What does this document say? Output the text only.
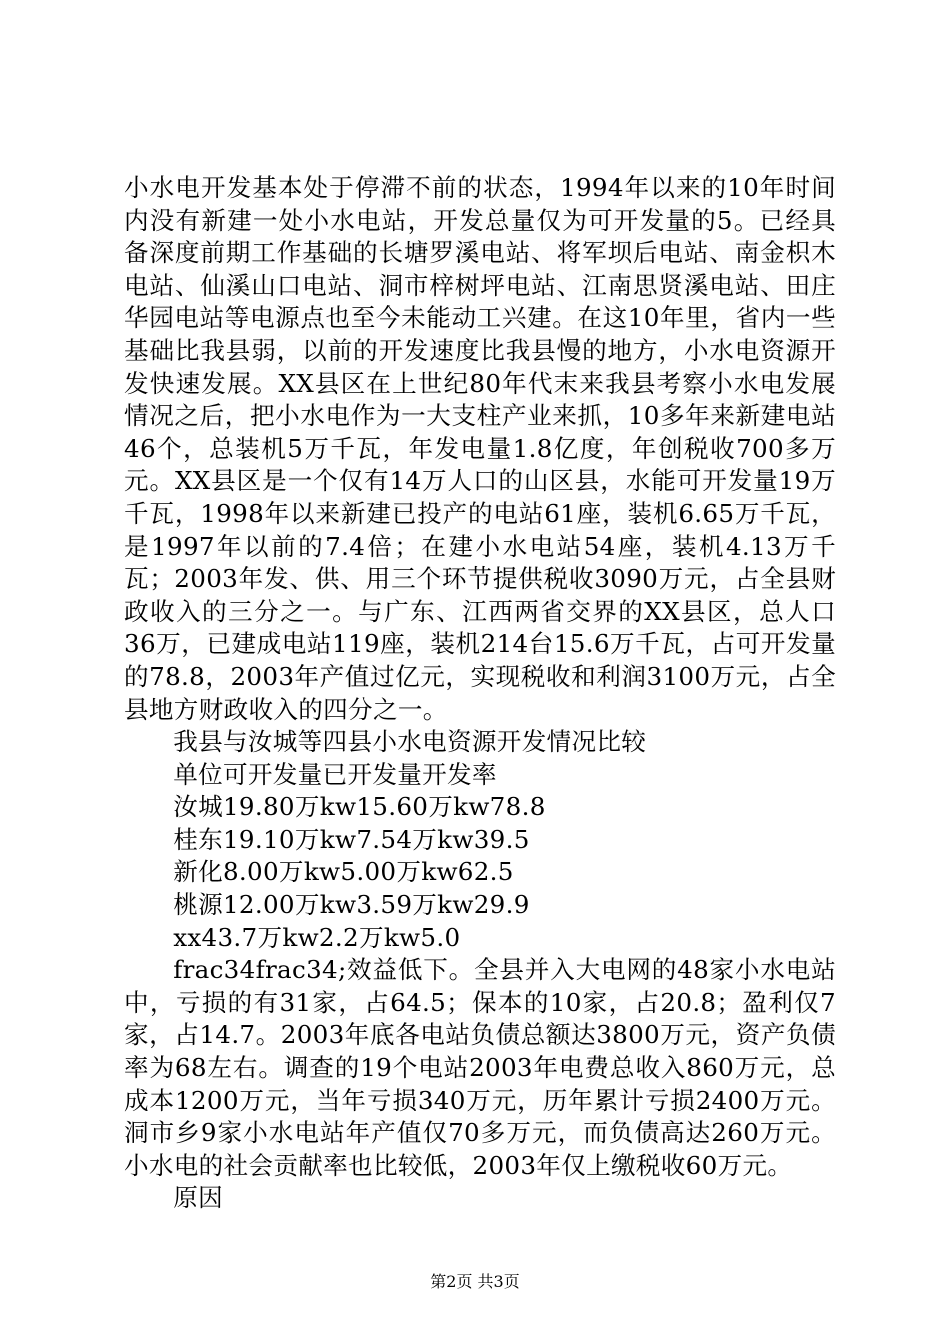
小水电开发基本处于停滞不前的状态，1994年以来的10年时间内没有新建一处小水电站，开发总量仅为可开发量的5。已经具备深度前期工作基础的长塘罗溪电站、将军坝后电站、南金枳木电站、仙溪山口电站、洞市梓树坪电站、江南思贤溪电站、田庄华园电站等电源点也至今未能动工兴建。在这10年里，省内一些基础比我县弱，以前的开发速度比我县慢的地方，小水电资源开发快速发展。XX县区在上世纪80年代末来我县考察小水电发展情况之后，把小水电作为一大支柱产业来抓，10多年来新建电站46个，总装机5万千瓦，年发电量1.8亿度，年创税收700多万元。XX县区是一个仅有14万人口的山区县，水能可开发量19万千瓦，1998年以来新建已投产的电站61座，装机6.65万千瓦，是1997年以前的7.4倍；在建小水电站54座，装机4.13万千瓦；2003年发、供、用三个环节提供税收3090万元，占全县财政收入的三分之一。与广东、江西两省交界的XX县区，总人口36万，已建成电站119座，装机214台15.6万千瓦，占可开发量的78.8，2003年产值过亿元，实现税收和利润3100万元，占全县地方财政收入的四分之一。

我县与汝城等四县小水电资源开发情况比较

单位可开发量已开发量开发率

汝城19.80万kw15.60万kw78.8

桂东19.10万kw7.54万kw39.5

新化8.00万kw5.00万kw62.5

桃源12.00万kw3.59万kw29.9

xx43.7万kw2.2万kw5.0

frac34frac34;效益低下。全县并入大电网的48家小水电站中，亏损的有31家，占64.5；保本的10家，占20.8；盈利仅7家，占14.7。2003年底各电站负债总额达3800万元，资产负债率为68左右。调查的19个电站2003年电费总收入860万元，总成本1200万元，当年亏损340万元，历年累计亏损2400万元。洞市乡9家小水电站年产值仅70多万元，而负债高达260万元。小水电的社会贡献率也比较低，2003年仅上缴税收60万元。

原因

第2页 共3页
